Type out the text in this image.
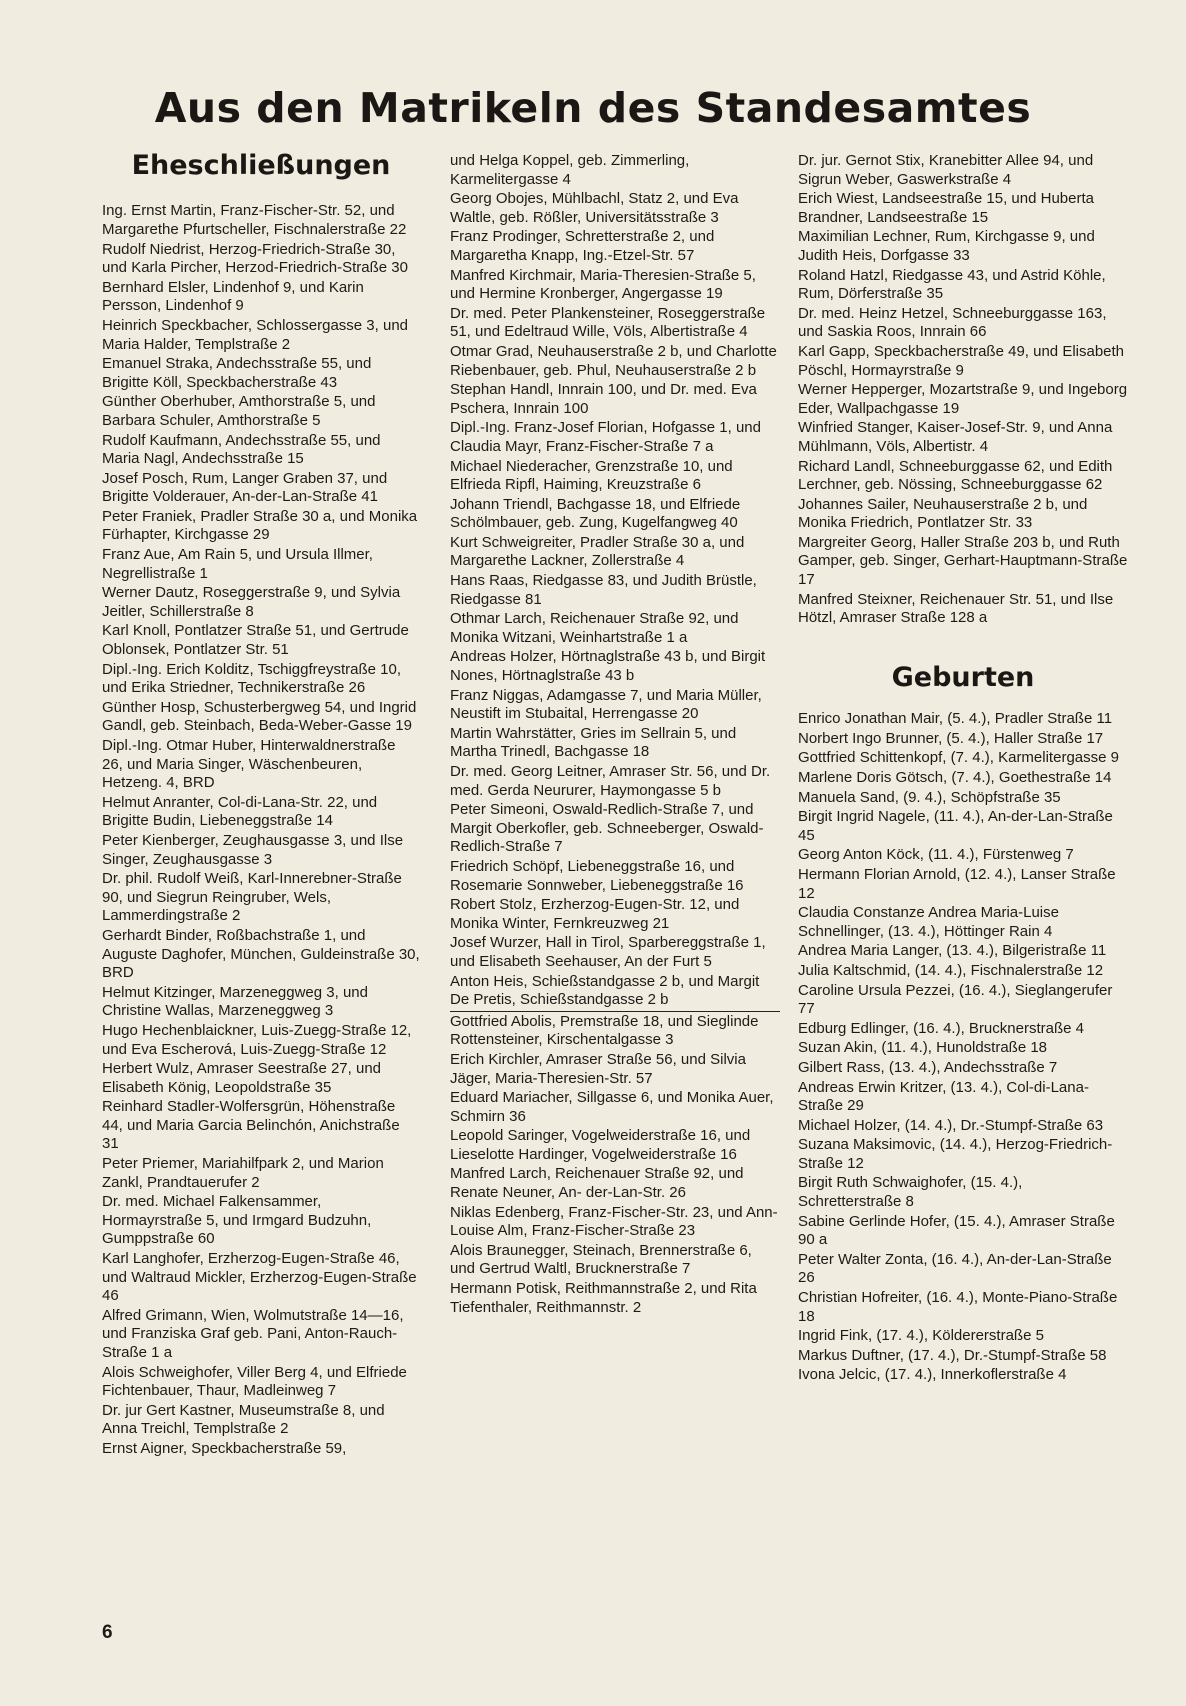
Aus den Matrikeln des Standesamtes
Eheschließungen

Ing. Ernst Martin, Franz-Fischer-Str. 52, und Margarethe Pfurtscheller, Fischnalerstraße 22

Rudolf Niedrist, Herzog-Friedrich-Straße 30, und Karla Pircher, Herzod-Friedrich-Straße 30

Bernhard Elsler, Lindenhof 9, und Karin Persson, Lindenhof 9

Heinrich Speckbacher, Schlossergasse 3, und Maria Halder, Templstraße 2

Emanuel Straka, Andechsstraße 55, und Brigitte Köll, Speckbacherstraße 43

Günther Oberhuber, Amthorstraße 5, und Barbara Schuler, Amthorstraße 5

Rudolf Kaufmann, Andechsstraße 55, und Maria Nagl, Andechsstraße 15

Josef Posch, Rum, Langer Graben 37, und Brigitte Volderauer, An-der-Lan-Straße 41

Peter Franiek, Pradler Straße 30 a, und Monika Fürhapter, Kirchgasse 29

Franz Aue, Am Rain 5, und Ursula Illmer, Negrellistraße 1

Werner Dautz, Roseggerstraße 9, und Sylvia Jeitler, Schillerstraße 8

Karl Knoll, Pontlatzer Straße 51, und Gertrude Oblonsek, Pontlatzer Str. 51

Dipl.-Ing. Erich Kolditz, Tschiggfreystraße 10, und Erika Striedner, Technikerstraße 26

Günther Hosp, Schusterbergweg 54, und Ingrid Gandl, geb. Steinbach, Beda-Weber-Gasse 19

Dipl.-Ing. Otmar Huber, Hinterwaldnerstraße 26, und Maria Singer, Wäschenbeuren, Hetzeng. 4, BRD

Helmut Anranter, Col-di-Lana-Str. 22, und Brigitte Budin, Liebeneggstraße 14

Peter Kienberger, Zeughausgasse 3, und Ilse Singer, Zeughausgasse 3

Dr. phil. Rudolf Weiß, Karl-Innerebner-Straße 90, und Siegrun Reingruber, Wels, Lammerdingstraße 2

Gerhardt Binder, Roßbachstraße 1, und Auguste Daghofer, München, Guldeinstraße 30, BRD

Helmut Kitzinger, Marzeneggweg 3, und Christine Wallas, Marzeneggweg 3

Hugo Hechenblaickner, Luis-Zuegg-Straße 12, und Eva Escherová, Luis-Zuegg-Straße 12

Herbert Wulz, Amraser Seestraße 27, und Elisabeth König, Leopoldstraße 35

Reinhard Stadler-Wolfersgrün, Höhenstraße 44, und Maria Garcia Belinchón, Anichstraße 31

Peter Priemer, Mariahilfpark 2, und Marion Zankl, Prandtauerufer 2

Dr. med. Michael Falkensammer, Hormayrstraße 5, und Irmgard Budzuhn, Gumppstraße 60

Karl Langhofer, Erzherzog-Eugen-Straße 46, und Waltraud Mickler, Erzherzog-Eugen-Straße 46

Alfred Grimann, Wien, Wolmutstraße 14—16, und Franziska Graf geb. Pani, Anton-Rauch-Straße 1 a

Alois Schweighofer, Viller Berg 4, und Elfriede Fichtenbauer, Thaur, Madleinweg 7

Dr. jur Gert Kastner, Museumstraße 8, und Anna Treichl, Templstraße 2

Ernst Aigner, Speckbacherstraße 59,

und Helga Koppel, geb. Zimmerling, Karmelitergasse 4

Georg Obojes, Mühlbachl, Statz 2, und Eva Waltle, geb. Rößler, Universitätsstraße 3

Franz Prodinger, Schretterstraße 2, und Margaretha Knapp, Ing.-Etzel-Str. 57

Manfred Kirchmair, Maria-Theresien-Straße 5, und Hermine Kronberger, Angergasse 19

Dr. med. Peter Plankensteiner, Roseggerstraße 51, und Edeltraud Wille, Völs, Albertistraße 4

Otmar Grad, Neuhauserstraße 2 b, und Charlotte Riebenbauer, geb. Phul, Neuhauserstraße 2 b

Stephan Handl, Innrain 100, und Dr. med. Eva Pschera, Innrain 100

Dipl.-Ing. Franz-Josef Florian, Hofgasse 1, und Claudia Mayr, Franz-Fischer-Straße 7 a

Michael Niederacher, Grenzstraße 10, und Elfrieda Ripfl, Haiming, Kreuzstraße 6

Johann Triendl, Bachgasse 18, und Elfriede Schölmbauer, geb. Zung, Kugelfangweg 40

Kurt Schweigreiter, Pradler Straße 30 a, und Margarethe Lackner, Zollerstraße 4

Hans Raas, Riedgasse 83, und Judith Brüstle, Riedgasse 81

Othmar Larch, Reichenauer Straße 92, und Monika Witzani, Weinhartstraße 1 a

Andreas Holzer, Hörtnaglstraße 43 b, und Birgit Nones, Hörtnaglstraße 43 b

Franz Niggas, Adamgasse 7, und Maria Müller, Neustift im Stubaital, Herrengasse 20

Martin Wahrstätter, Gries im Sellrain 5, und Martha Trinedl, Bachgasse 18

Dr. med. Georg Leitner, Amraser Str. 56, und Dr. med. Gerda Neururer, Haymongasse 5 b

Peter Simeoni, Oswald-Redlich-Straße 7, und Margit Oberkofler, geb. Schneeberger, Oswald-Redlich-Straße 7

Friedrich Schöpf, Liebeneggstraße 16, und Rosemarie Sonnweber, Liebeneggstraße 16

Robert Stolz, Erzherzog-Eugen-Str. 12, und Monika Winter, Fernkreuzweg 21

Josef Wurzer, Hall in Tirol, Sparbereggstraße 1, und Elisabeth Seehauser, An der Furt 5

Anton Heis, Schießstandgasse 2 b, und Margit De Pretis, Schießstandgasse 2 b

Gottfried Abolis, Premstraße 18, und Sieglinde Rottensteiner, Kirschentalgasse 3

Erich Kirchler, Amraser Straße 56, und Silvia Jäger, Maria-Theresien-Str. 57

Eduard Mariacher, Sillgasse 6, und Monika Auer, Schmirn 36

Leopold Saringer, Vogelweiderstraße 16, und Lieselotte Hardinger, Vogelweiderstraße 16

Manfred Larch, Reichenauer Straße 92, und Renate Neuner, An- der-Lan-Str. 26

Niklas Edenberg, Franz-Fischer-Str. 23, und Ann-Louise Alm, Franz-Fischer-Straße 23

Alois Braunegger, Steinach, Brennerstraße 6, und Gertrud Waltl, Brucknerstraße 7

Hermann Potisk, Reithmannstraße 2, und Rita Tiefenthaler, Reithmannstr. 2

Dr. jur. Gernot Stix, Kranebitter Allee 94, und Sigrun Weber, Gaswerkstraße 4

Erich Wiest, Landseestraße 15, und Huberta Brandner, Landseestraße 15

Maximilian Lechner, Rum, Kirchgasse 9, und Judith Heis, Dorfgasse 33

Roland Hatzl, Riedgasse 43, und Astrid Köhle, Rum, Dörferstraße 35

Dr. med. Heinz Hetzel, Schneeburggasse 163, und Saskia Roos, Innrain 66

Karl Gapp, Speckbacherstraße 49, und Elisabeth Pöschl, Hormayrstraße 9

Werner Hepperger, Mozartstraße 9, und Ingeborg Eder, Wallpachgasse 19

Winfried Stanger, Kaiser-Josef-Str. 9, und Anna Mühlmann, Völs, Albertistr. 4

Richard Landl, Schneeburggasse 62, und Edith Lerchner, geb. Nössing, Schneeburggasse 62

Johannes Sailer, Neuhauserstraße 2 b, und Monika Friedrich, Pontlatzer Str. 33

Margreiter Georg, Haller Straße 203 b, und Ruth Gamper, geb. Singer, Gerhart-Hauptmann-Straße 17

Manfred Steixner, Reichenauer Str. 51, und Ilse Hötzl, Amraser Straße 128 a

Geburten

Enrico Jonathan Mair, (5. 4.), Pradler Straße 11

Norbert Ingo Brunner, (5. 4.), Haller Straße 17

Gottfried Schittenkopf, (7. 4.), Karmelitergasse 9

Marlene Doris Götsch, (7. 4.), Goethestraße 14

Manuela Sand, (9. 4.), Schöpfstraße 35

Birgit Ingrid Nagele, (11. 4.), An-der-Lan-Straße 45

Georg Anton Köck, (11. 4.), Fürstenweg 7

Hermann Florian Arnold, (12. 4.), Lanser Straße 12

Claudia Constanze Andrea Maria-Luise Schnellinger, (13. 4.), Höttinger Rain 4

Andrea Maria Langer, (13. 4.), Bilgeristraße 11

Julia Kaltschmid, (14. 4.), Fischnalerstraße 12

Caroline Ursula Pezzei, (16. 4.), Sieglangerufer 77

Edburg Edlinger, (16. 4.), Brucknerstraße 4

Suzan Akin, (11. 4.), Hunoldstraße 18

Gilbert Rass, (13. 4.), Andechsstraße 7

Andreas Erwin Kritzer, (13. 4.), Col-di-Lana-Straße 29

Michael Holzer, (14. 4.), Dr.-Stumpf-Straße 63

Suzana Maksimovic, (14. 4.), Herzog-Friedrich-Straße 12

Birgit Ruth Schwaighofer, (15. 4.), Schretterstraße 8

Sabine Gerlinde Hofer, (15. 4.), Amraser Straße 90 a

Peter Walter Zonta, (16. 4.), An-der-Lan-Straße 26

Christian Hofreiter, (16. 4.), Monte-Piano-Straße 18

Ingrid Fink, (17. 4.), Köldererstraße 5

Markus Duftner, (17. 4.), Dr.-Stumpf-Straße 58

Ivona Jelcic, (17. 4.), Innerkoflerstraße 4

6
